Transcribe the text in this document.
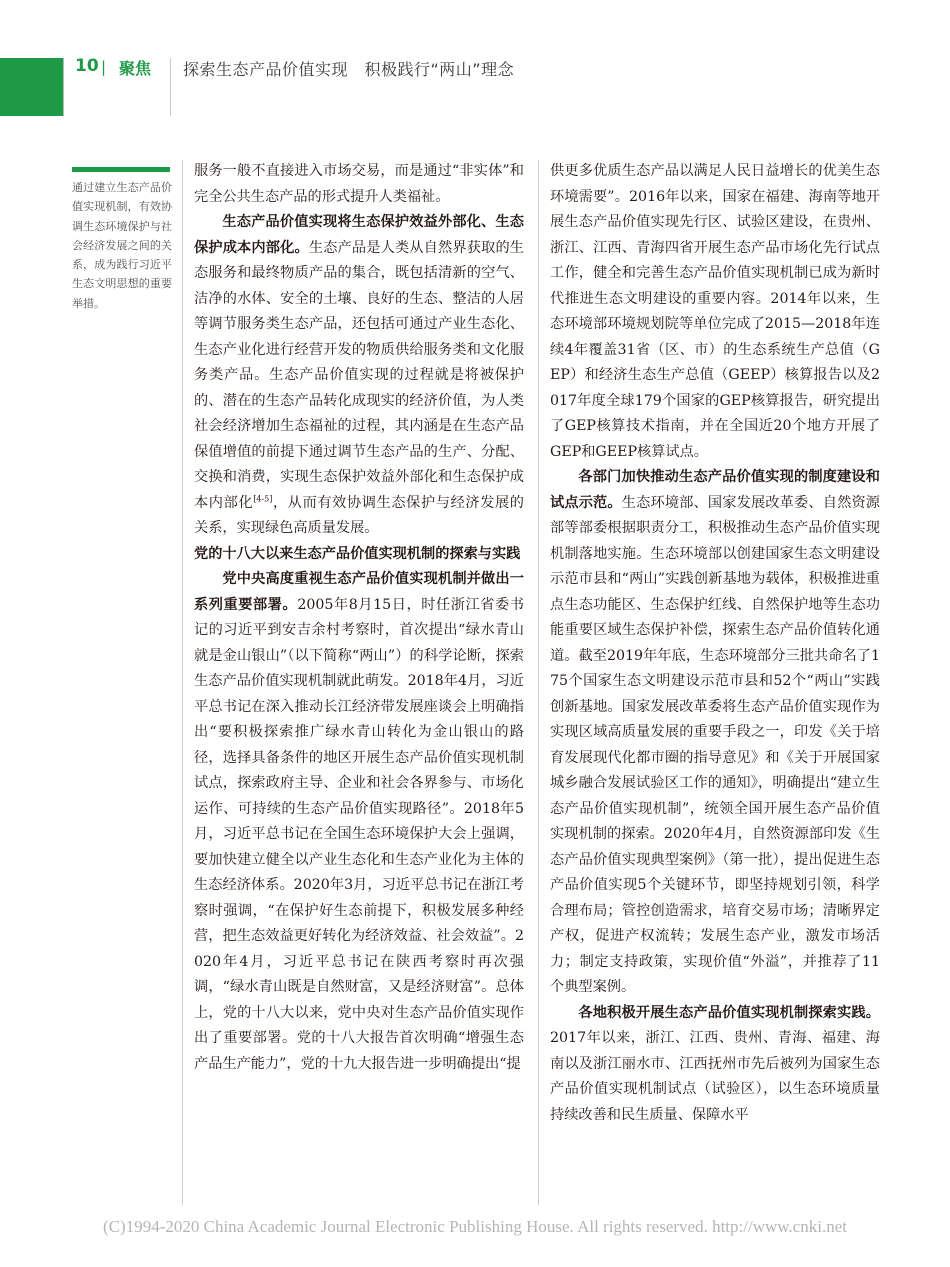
10 | 聚焦 探索生态产品价值实现　积极践行“两山”理念

通过建立生态产品价值实现机制，有效协调生态环境保护与社会经济发展之间的关系，成为践行习近平生态文明思想的重要举措。

服务一般不直接进入市场交易，而是通过“非实体”和完全公共生态产品的形式提升人类福祉。

生态产品价值实现将生态保护效益外部化、生态保护成本内部化。生态产品是人类从自然界获取的生态服务和最终物质产品的集合，既包括清新的空气、洁净的水体、安全的土壤、良好的生态、整洁的人居等调节服务类生态产品，还包括可通过产业生态化、生态产业化进行经营开发的物质供给服务类和文化服务类产品。生态产品价值实现的过程就是将被保护的、潜在的生态产品转化成现实的经济价值，为人类社会经济增加生态福祉的过程，其内涵是在生态产品保值增值的前提下通过调节生态产品的生产、分配、交换和消费，实现生态保护效益外部化和生态保护成本内部化[4-5]，从而有效协调生态保护与经济发展的关系，实现绿色高质量发展。

党的十八大以来生态产品价值实现机制的探索与实践

党中央高度重视生态产品价值实现机制并做出一系列重要部署。2005年8月15日，时任浙江省委书记的习近平到安吉余村考察时，首次提出“绿水青山就是金山银山”（以下简称“两山”）的科学论断，探索生态产品价值实现机制就此萌发。2018年4月，习近平总书记在深入推动长江经济带发展座谈会上明确指出“要积极探索推广绿水青山转化为金山银山的路径，选择具备条件的地区开展生态产品价值实现机制试点，探索政府主导、企业和社会各界参与、市场化运作、可持续的生态产品价值实现路径”。2018年5月，习近平总书记在全国生态环境保护大会上强调，要加快建立健全以产业生态化和生态产业化为主体的生态经济体系。2020年3月，习近平总书记在浙江考察时强调，“在保护好生态前提下，积极发展多种经营，把生态效益更好转化为经济效益、社会效益”。2020年4月，习近平总书记在陕西考察时再次强调，“绿水青山既是自然财富，又是经济财富”。总体上，党的十八大以来，党中央对生态产品价值实现作出了重要部署。党的十八大报告首次明确“增强生态产品生产能力”，党的十九大报告进一步明确提出“提

供更多优质生态产品以满足人民日益增长的优美生态环境需要”。2016年以来，国家在福建、海南等地开展生态产品价值实现先行区、试验区建设，在贵州、浙江、江西、青海四省开展生态产品市场化先行试点工作，健全和完善生态产品价值实现机制已成为新时代推进生态文明建设的重要内容。2014年以来，生态环境部环境规划院等单位完成了2015—2018年连续4年覆盖31省（区、市）的生态系统生产总值（GEP）和经济生态生产总值（GEEP）核算报告以及2017年度全球179个国家的GEP核算报告，研究提出了GEP核算技术指南，并在全国近20个地方开展了GEP和GEEP核算试点。

各部门加快推动生态产品价值实现的制度建设和试点示范。生态环境部、国家发展改革委、自然资源部等部委根据职责分工，积极推动生态产品价值实现机制落地实施。生态环境部以创建国家生态文明建设示范市县和“两山”实践创新基地为载体，积极推进重点生态功能区、生态保护红线、自然保护地等生态功能重要区域生态保护补偿，探索生态产品价值转化通道。截至2019年年底，生态环境部分三批共命名了175个国家生态文明建设示范市县和52个“两山”实践创新基地。国家发展改革委将生态产品价值实现作为实现区域高质量发展的重要手段之一，印发《关于培育发展现代化都市圈的指导意见》和《关于开展国家城乡融合发展试验区工作的通知》，明确提出“建立生态产品价值实现机制”，统领全国开展生态产品价值实现机制的探索。2020年4月，自然资源部印发《生态产品价值实现典型案例》（第一批），提出促进生态产品价值实现5个关键环节，即坚持规划引领，科学合理布局；管控创造需求，培育交易市场；清晰界定产权，促进产权流转；发展生态产业，激发市场活力；制定支持政策，实现价值“外溢”，并推荐了11个典型案例。

各地积极开展生态产品价值实现机制探索实践。2017年以来，浙江、江西、贵州、青海、福建、海南以及浙江丽水市、江西抚州市先后被列为国家生态产品价值实现机制试点（试验区），以生态环境质量持续改善和民生质量、保障水平

(C)1994-2020 China Academic Journal Electronic Publishing House. All rights reserved. http://www.cnki.net
